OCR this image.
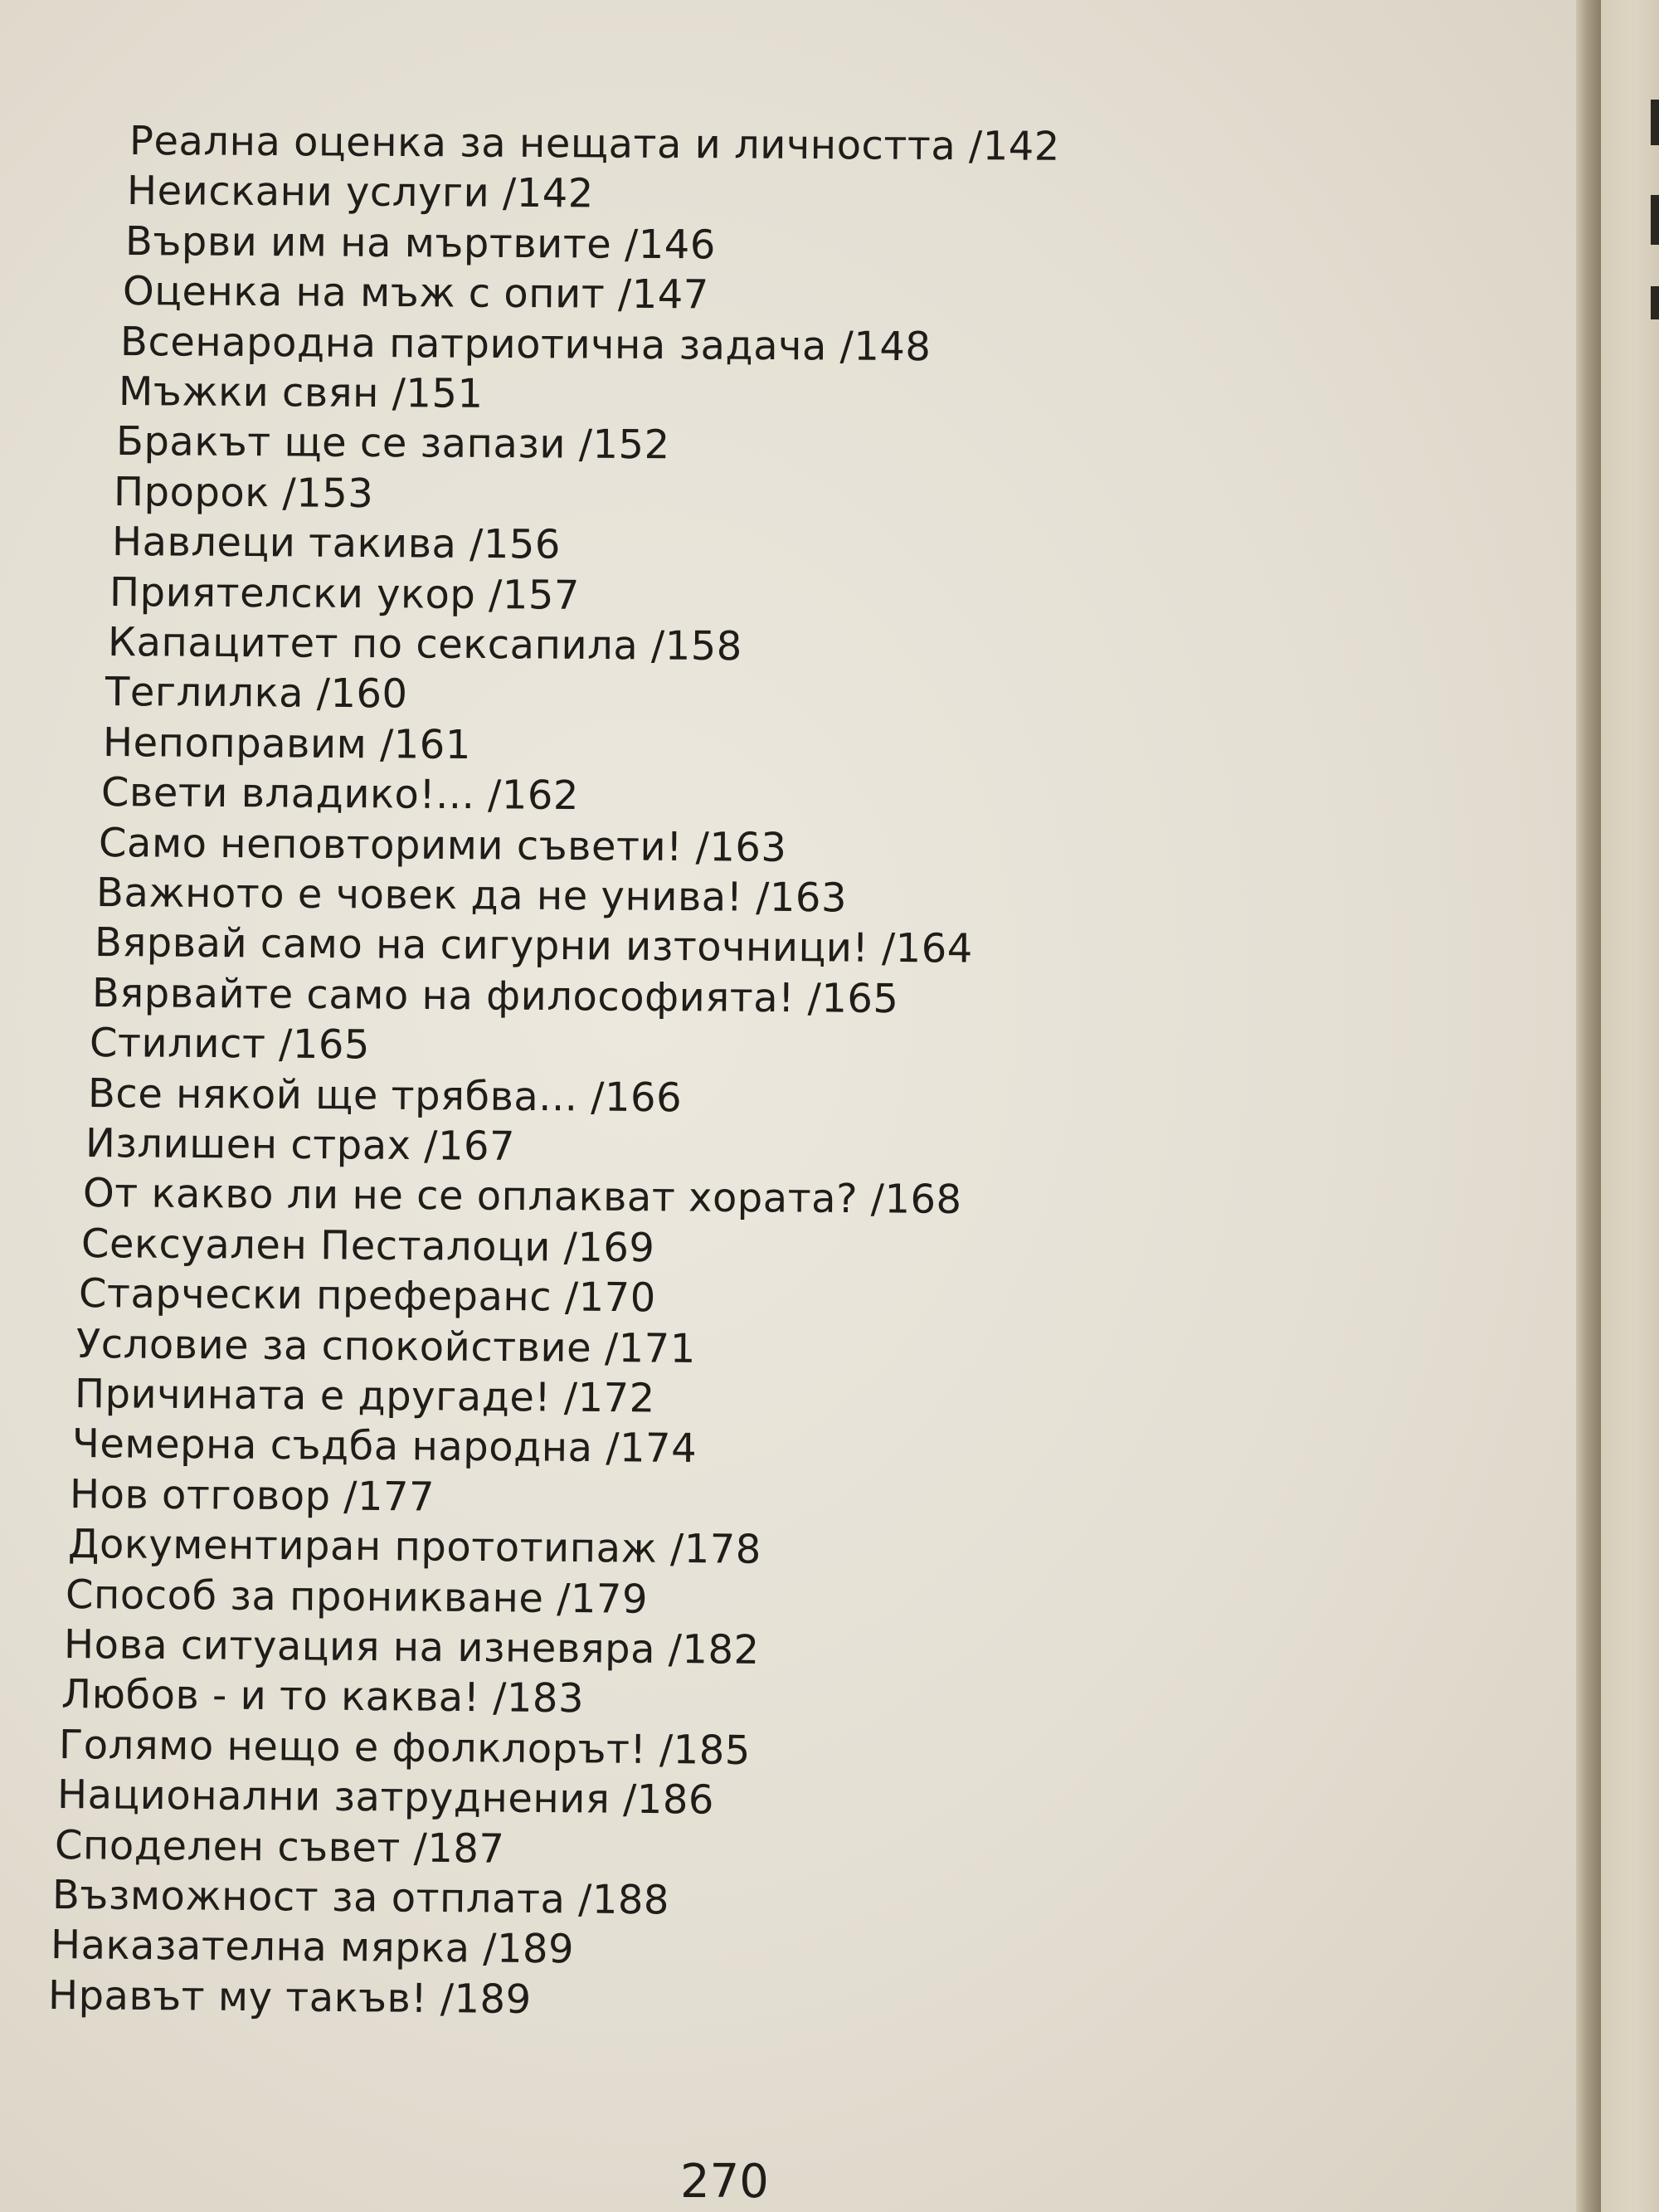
Реална оценка за нещата и личността /142
Неискани услуги /142
Върви им на мъртвите /146
Оценка на мъж с опит /147
Всенародна патриотична задача /148
Мъжки свян /151
Бракът ще се запази /152
Пророк /153
Навлеци такива /156
Приятелски укор /157
Капацитет по сексапила /158
Теглилка /160
Непоправим /161
Свети владико!... /162
Само неповторими съвети! /163
Важното е човек да не унива! /163
Вярвай само на сигурни източници! /164
Вярвайте само на философията! /165
Стилист /165
Все някой ще трябва... /166
Излишен страх /167
От какво ли не се оплакват хората? /168
Сексуален Песталоци /169
Старчески преферанс /170
Условие за спокойствие /171
Причината е другаде! /172
Чемерна съдба народна /174
Нов отговор /177
Документиран прототипаж /178
Способ за проникване /179
Нова ситуация на изневяра /182
Любов - и то каква! /183
Голямо нещо е фолклорът! /185
Национални затруднения /186
Споделен съвет /187
Възможност за отплата /188
Наказателна мярка /189
Нравът му такъв! /189
270
